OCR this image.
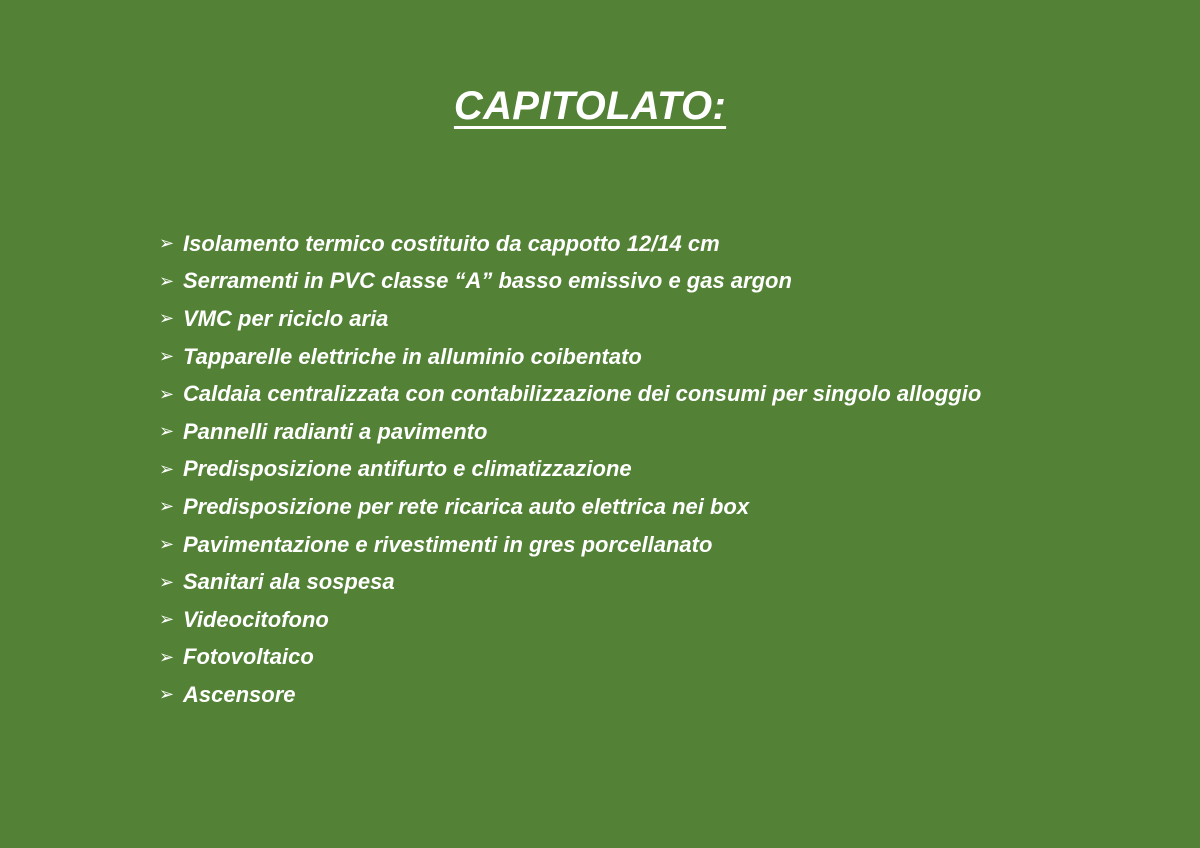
CAPITOLATO:
➢ Isolamento termico costituito da cappotto 12/14 cm
➢ Serramenti in PVC classe “A” basso emissivo e gas argon
➢ VMC per riciclo aria
➢ Tapparelle elettriche in alluminio coibentato
➢ Caldaia centralizzata con contabilizzazione dei consumi per singolo alloggio
➢ Pannelli radianti a pavimento
➢ Predisposizione antifurto e climatizzazione
➢ Predisposizione per rete ricarica auto elettrica nei box
➢ Pavimentazione e rivestimenti in gres porcellanato
➢ Sanitari ala sospesa
➢ Videocitofono
➢ Fotovoltaico
➢ Ascensore
